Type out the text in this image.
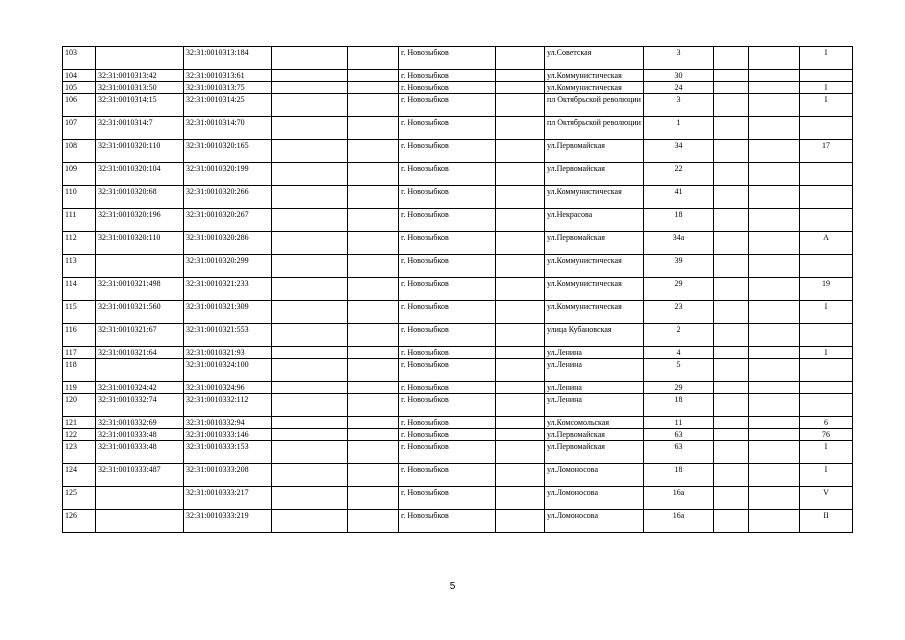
103		32:31:0010313:184			г. Новозыбков		ул.Советская	3			I
104	32:31:0010313:42	32:31:0010313:61			г. Новозыбков		ул.Коммунистическая	30			
105	32:31:0010313:50	32:31:0010313:75			г. Новозыбков		ул.Коммунистическая	24			I
106	32:31:0010314:15	32:31:0010314:25			г. Новозыбков		пл Октябрьской революции	3			I
107	32:31:0010314:7	32:31:0010314:70			г. Новозыбков		пл Октябрьской революции	1			
108	32:31:0010320:110	32:31:0010320:165			г. Новозыбков		ул.Первомайская	34			17
109	32:31:0010320:104	32:31:0010320:199			г. Новозыбков		ул.Первомайская	22			
110	32:31:0010320:68	32:31:0010320:266			г. Новозыбков		ул.Коммунистическая	41			
111	32:31:0010320:196	32:31:0010320:267			г. Новозыбков		ул.Некрасова	18			
112	32:31:0010320:110	32:31:0010320:286			г. Новозыбков		ул.Первомайская	34а			А
113		32:31:0010320:299			г. Новозыбков		ул.Коммунистическая	39			
114	32:31:0010321:498	32:31:0010321:233			г. Новозыбков		ул.Коммунистическая	29			19
115	32:31:0010321:560	32:31:0010321:309			г. Новозыбков		ул.Коммунистическая	23			I
116	32:31:0010321:67	32:31:0010321:553			г. Новозыбков		улица Кубановская	2			
117	32:31:0010321:64	32:31:0010321:93			г. Новозыбков		ул.Ленина	4			I
118		32:31:0010324:100			г. Новозыбков		ул.Ленина	5			
119	32:31:0010324:42	32:31:0010324:96			г. Новозыбков		ул.Ленина	29			
120	32:31:0010332:74	32:31:0010332:112			г. Новозыбков		ул.Ленина	18			
121	32:31:0010332:69	32:31:0010332:94			г. Новозыбков		ул.Комсомольская	11			6
122	32:31:0010333:48	32:31:0010333:146			г. Новозыбков		ул.Первомайская	63			76
123	32:31:0010333:48	32:31:0010333:153			г. Новозыбков		ул.Первомайская	63			I
124	32:31:0010333:487	32:31:0010333:208			г. Новозыбков		ул.Ломоносова	18			I
125		32:31:0010333:217			г. Новозыбков		ул.Ломоносова	16а			V
126		32:31:0010333:219			г. Новозыбков		ул.Ломоносова	16а			II
5
